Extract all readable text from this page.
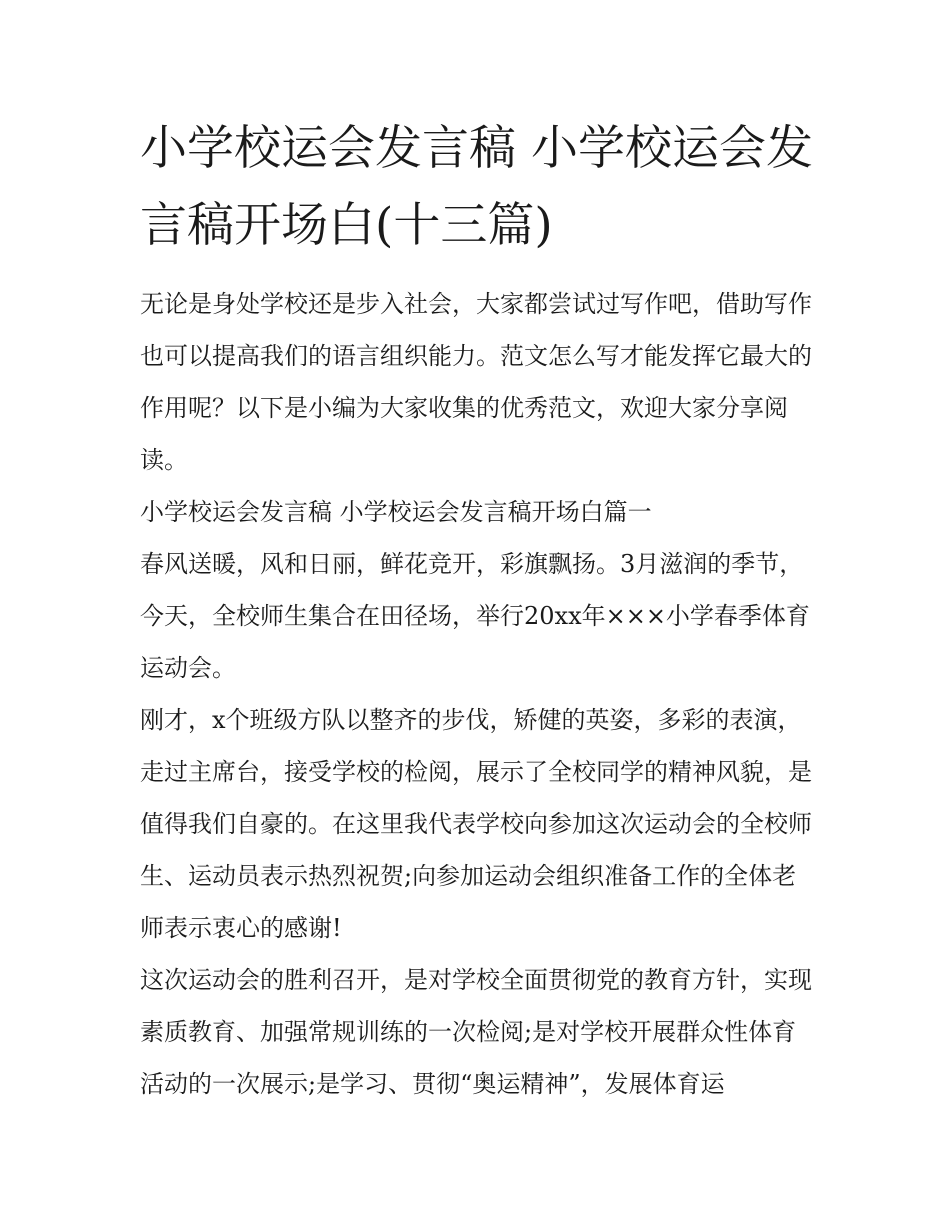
小学校运会发言稿 小学校运会发言稿开场白(十三篇)

无论是身处学校还是步入社会，大家都尝试过写作吧，借助写作也可以提高我们的语言组织能力。范文怎么写才能发挥它最大的作用呢？以下是小编为大家收集的优秀范文，欢迎大家分享阅读。

小学校运会发言稿 小学校运会发言稿开场白篇一

春风送暖，风和日丽，鲜花竞开，彩旗飘扬。3月滋润的季节，今天，全校师生集合在田径场，举行20xx年×××小学春季体育运动会。

刚才，x个班级方队以整齐的步伐，矫健的英姿，多彩的表演，走过主席台，接受学校的检阅，展示了全校同学的精神风貌，是值得我们自豪的。在这里我代表学校向参加这次运动会的全校师生、运动员表示热烈祝贺;向参加运动会组织准备工作的全体老师表示衷心的感谢!

这次运动会的胜利召开，是对学校全面贯彻党的教育方针，实现素质教育、加强常规训练的一次检阅;是对学校开展群众性体育活动的一次展示;是学习、贯彻“奥运精神”，发展体育运
